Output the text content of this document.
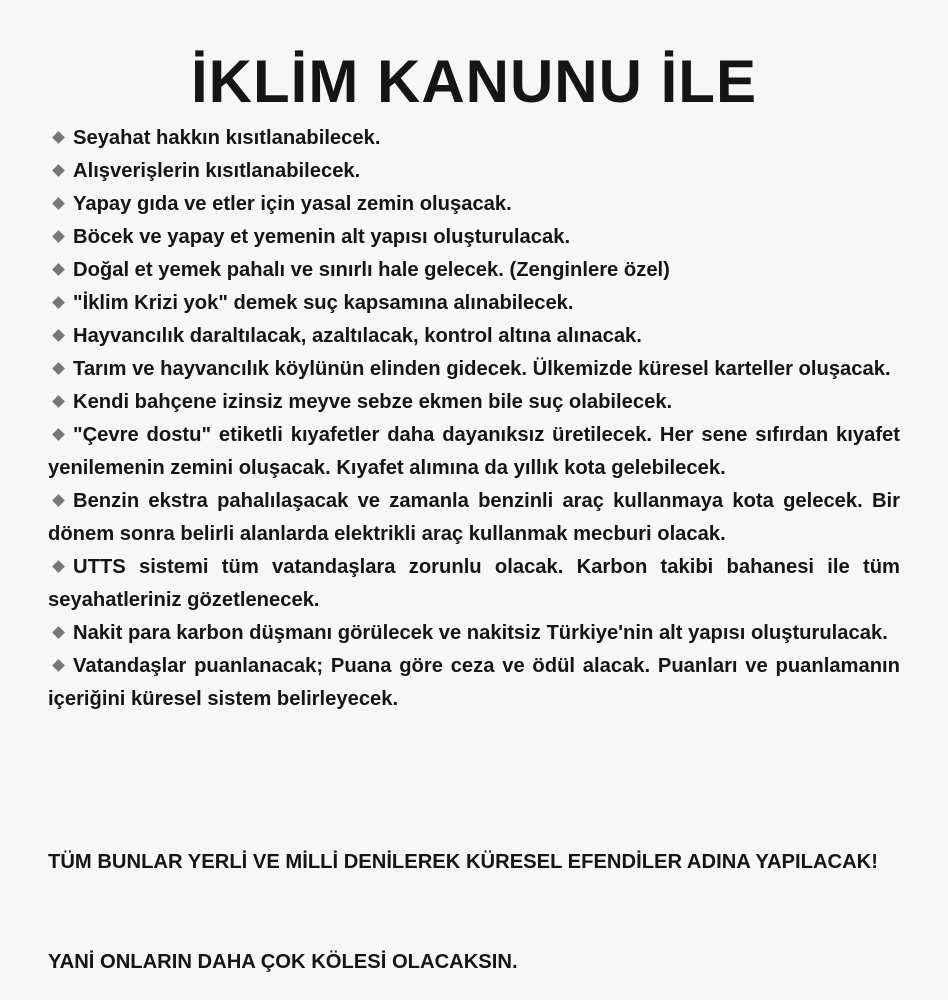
İKLİM KANUNU İLE
Seyahat hakkın kısıtlanabilecek.
Alışverişlerin kısıtlanabilecek.
Yapay gıda ve etler için yasal zemin oluşacak.
Böcek ve yapay et yemenin alt yapısı oluşturulacak.
Doğal et yemek pahalı ve sınırlı hale gelecek. (Zenginlere özel)
"İklim Krizi yok" demek suç kapsamına alınabilecek.
Hayvancılık daraltılacak, azaltılacak, kontrol altına alınacak.
Tarım ve hayvancılık köylünün elinden gidecek. Ülkemizde küresel karteller oluşacak.
Kendi bahçene izinsiz meyve sebze ekmen bile suç olabilecek.
"Çevre dostu" etiketli kıyafetler daha dayanıksız üretilecek. Her sene sıfırdan kıyafet yenilemenin zemini oluşacak. Kıyafet alımına da yıllık kota gelebilecek.
Benzin ekstra pahalılaşacak ve zamanla benzinli araç kullanmaya kota gelecek. Bir dönem sonra belirli alanlarda elektrikli araç kullanmak mecburi olacak.
UTTS sistemi tüm vatandaşlara zorunlu olacak. Karbon takibi bahanesi ile tüm seyahatleriniz gözetlenecek.
Nakit para karbon düşmanı görülecek ve nakitsiz Türkiye'nin alt yapısı oluşturulacak.
Vatandaşlar puanlanacak; Puana göre ceza ve ödül alacak. Puanları ve puanlamanın içeriğini küresel sistem belirleyecek.

TÜM BUNLAR YERLİ VE MİLLİ DENİLEREK KÜRESEL EFENDİLER ADINA YAPILACAK!

YANİ ONLARIN DAHA ÇOK KÖLESİ OLACAKSIN.
